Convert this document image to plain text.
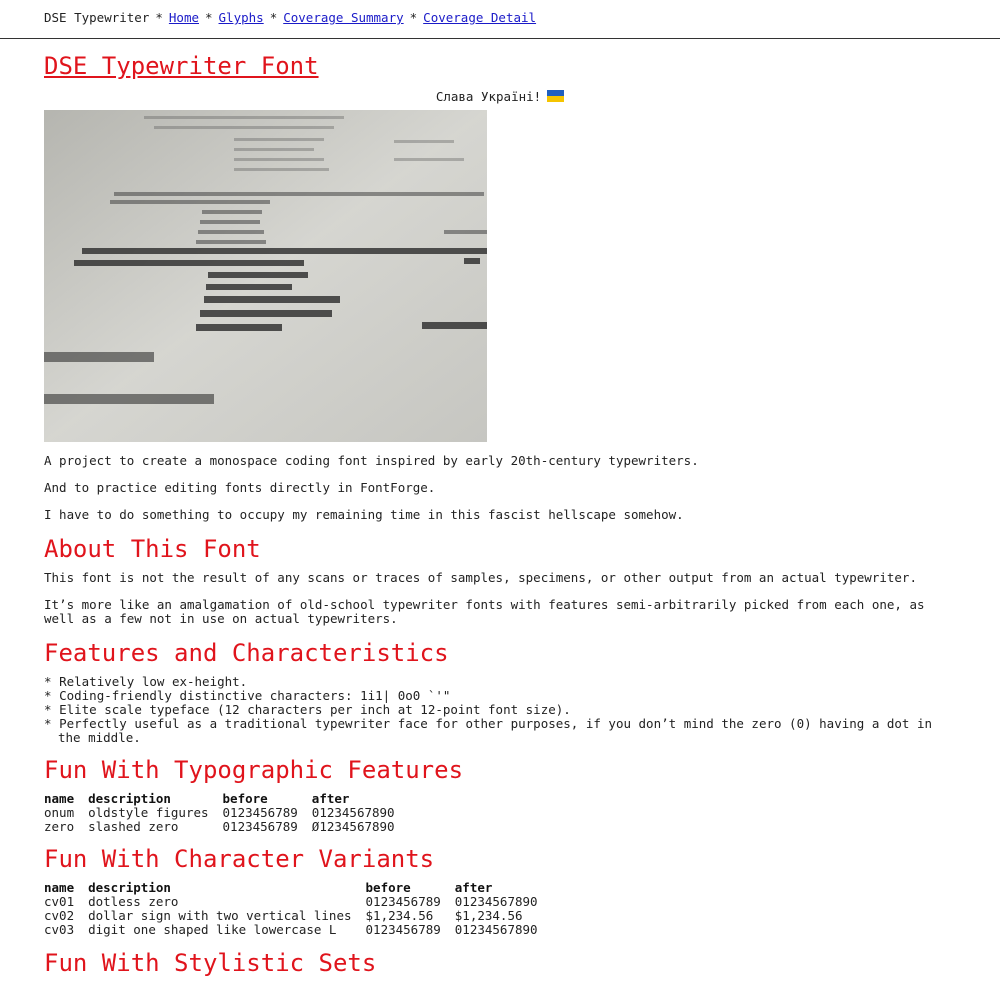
DSE Typewriter * Home * Glyphs * Coverage Summary * Coverage Detail
DSE Typewriter Font
Слава Україні!

A project to create a monospace coding font inspired by early 20th-century typewriters.

And to practice editing fonts directly in FontForge.

I have to do something to occupy my remaining time in this fascist hellscape somehow.

About This Font

This font is not the result of any scans or traces of samples, specimens, or other output from an actual typewriter.

It’s more like an amalgamation of old-school typewriter fonts with features semi-arbitrarily picked from each one, as well as a few not in use on actual typewriters.

Features and Characteristics
* Relatively low ex-height.
* Coding-friendly distinctive characters: 1i1| 0o0 `'"
* Elite scale typeface (12 characters per inch at 12-point font size).
* Perfectly useful as a traditional typewriter face for other purposes, if you don’t mind the zero (0) having a dot in the middle.
Fun With Typographic Features
name	description	before	after
onum	oldstyle figures	0123456789	01234567890
zero	slashed zero	0123456789	Ø1234567890
Fun With Character Variants
name	description	before	after
cv01	dotless zero	0123456789	01234567890
cv02	dollar sign with two vertical lines	$1,234.56	$1,234.56
cv03	digit one shaped like lowercase L	0123456789	01234567890
Fun With Stylistic Sets
